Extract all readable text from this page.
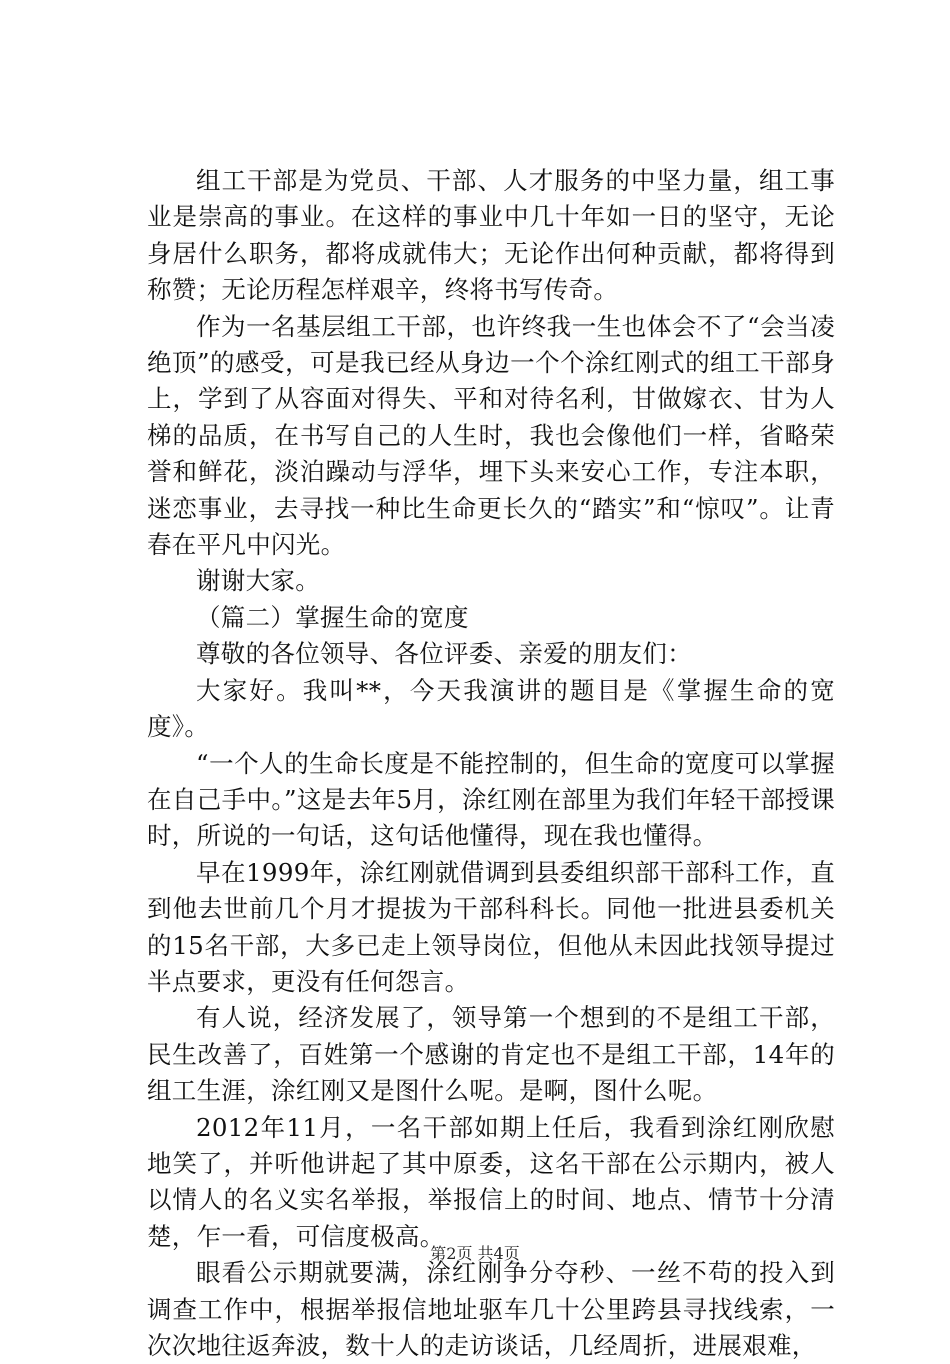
组工干部是为党员、干部、人才服务的中坚力量，组工事业是崇高的事业。在这样的事业中几十年如一日的坚守，无论身居什么职务，都将成就伟大；无论作出何种贡献，都将得到称赞；无论历程怎样艰辛，终将书写传奇。

作为一名基层组工干部，也许终我一生也体会不了“会当凌绝顶”的感受，可是我已经从身边一个个涂红刚式的组工干部身上，学到了从容面对得失、平和对待名利，甘做嫁衣、甘为人梯的品质，在书写自己的人生时，我也会像他们一样，省略荣誉和鲜花，淡泊躁动与浮华，埋下头来安心工作，专注本职，迷恋事业，去寻找一种比生命更长久的“踏实”和“惊叹”。让青春在平凡中闪光。

谢谢大家。

（篇二）掌握生命的宽度

尊敬的各位领导、各位评委、亲爱的朋友们：

大家好。我叫**，今天我演讲的题目是《掌握生命的宽度》。

“一个人的生命长度是不能控制的，但生命的宽度可以掌握在自己手中。”这是去年5月，涂红刚在部里为我们年轻干部授课时，所说的一句话，这句话他懂得，现在我也懂得。

早在1999年，涂红刚就借调到县委组织部干部科工作，直到他去世前几个月才提拔为干部科科长。同他一批进县委机关的15名干部，大多已走上领导岗位，但他从未因此找领导提过半点要求，更没有任何怨言。

有人说，经济发展了，领导第一个想到的不是组工干部，民生改善了，百姓第一个感谢的肯定也不是组工干部，14年的组工生涯，涂红刚又是图什么呢。是啊，图什么呢。

2012年11月，一名干部如期上任后，我看到涂红刚欣慰地笑了，并听他讲起了其中原委，这名干部在公示期内，被人以情人的名义实名举报，举报信上的时间、地点、情节十分清楚，乍一看，可信度极高。

眼看公示期就要满，涂红刚争分夺秒、一丝不苟的投入到调查工作中，根据举报信地址驱车几十公里跨县寻找线索，一次次地往返奔波，数十人的走访谈话，几经周折，进展艰难，

第2页 共4页
